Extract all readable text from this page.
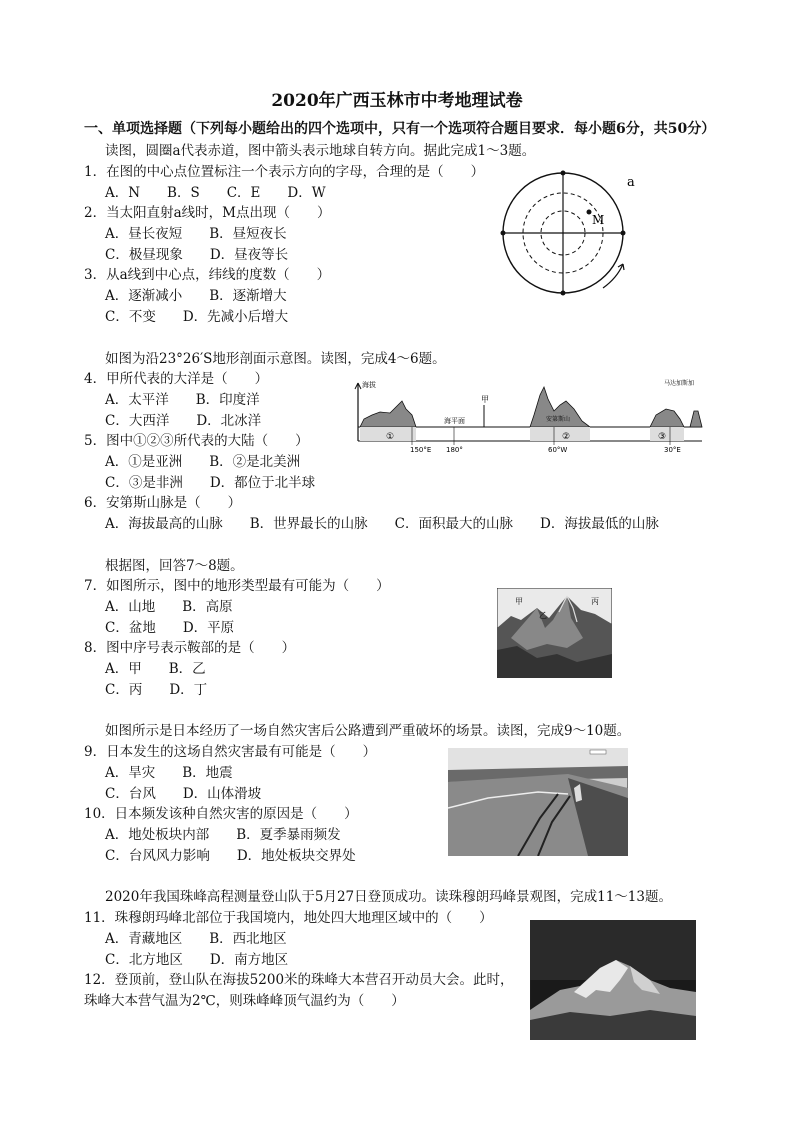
2020年广西玉林市中考地理试卷
一、单项选择题（下列每小题给出的四个选项中，只有一个选项符合题目要求．每小题6分，共50分）
读图，圆圈a代表赤道，图中箭头表示地球自转方向。据此完成1～3题。
1．在图的中心点位置标注一个表示方向的字母，合理的是（　　）
A．N　　B．S　　C．E　　D．W
2．当太阳直射a线时，M点出现（　　）
A．昼长夜短　　B．昼短夜长
C．极昼现象　　D．昼夜等长
3．从a线到中心点，纬线的度数（　　）
A．逐渐减小　　B．逐渐增大
C．不变　　D．先减小后增大
a
M
如图为沿23°26′S地形剖面示意图。读图，完成4～6题。
4．甲所代表的大洋是（　　）
A．太平洋　　B．印度洋
C．大西洋　　D．北冰洋
5．图中①②③所代表的大陆（　　）
A．①是亚洲　　B．②是北美洲
C．③是非洲　　D．都位于北半球
6．安第斯山脉是（　　）
A．海拔最高的山脉　　B．世界最长的山脉　　C．面积最大的山脉　　D．海拔最低的山脉
海拔
海平面
甲
安第斯山
马达加斯加
①	②	③
150°E 180°	60°W	30°E
根据图，回答7～8题。
7．如图所示，图中的地形类型最有可能为（　　）
A．山地　　B．高原
C．盆地　　D．平原
8．图中序号表示鞍部的是（　　）
A．甲　　B．乙
C．丙　　D．丁
甲
乙
丙
如图所示是日本经历了一场自然灾害后公路遭到严重破坏的场景。读图，完成9～10题。
9．日本发生的这场自然灾害最有可能是（　　）
A．旱灾　　B．地震
C．台风　　D．山体滑坡
10．日本频发该种自然灾害的原因是（　　）
A．地处板块内部　　B．夏季暴雨频发
C．台风风力影响　　D．地处板块交界处
2020年我国珠峰高程测量登山队于5月27日登顶成功。读珠穆朗玛峰景观图，完成11～13题。
11．珠穆朗玛峰北部位于我国境内，地处四大地理区域中的（　　）
A．青藏地区　　B．西北地区
C．北方地区　　D．南方地区
12．登顶前，登山队在海拔5200米的珠峰大本营召开动员大会。此时，
珠峰大本营气温为2℃，则珠峰峰顶气温约为（　　）
